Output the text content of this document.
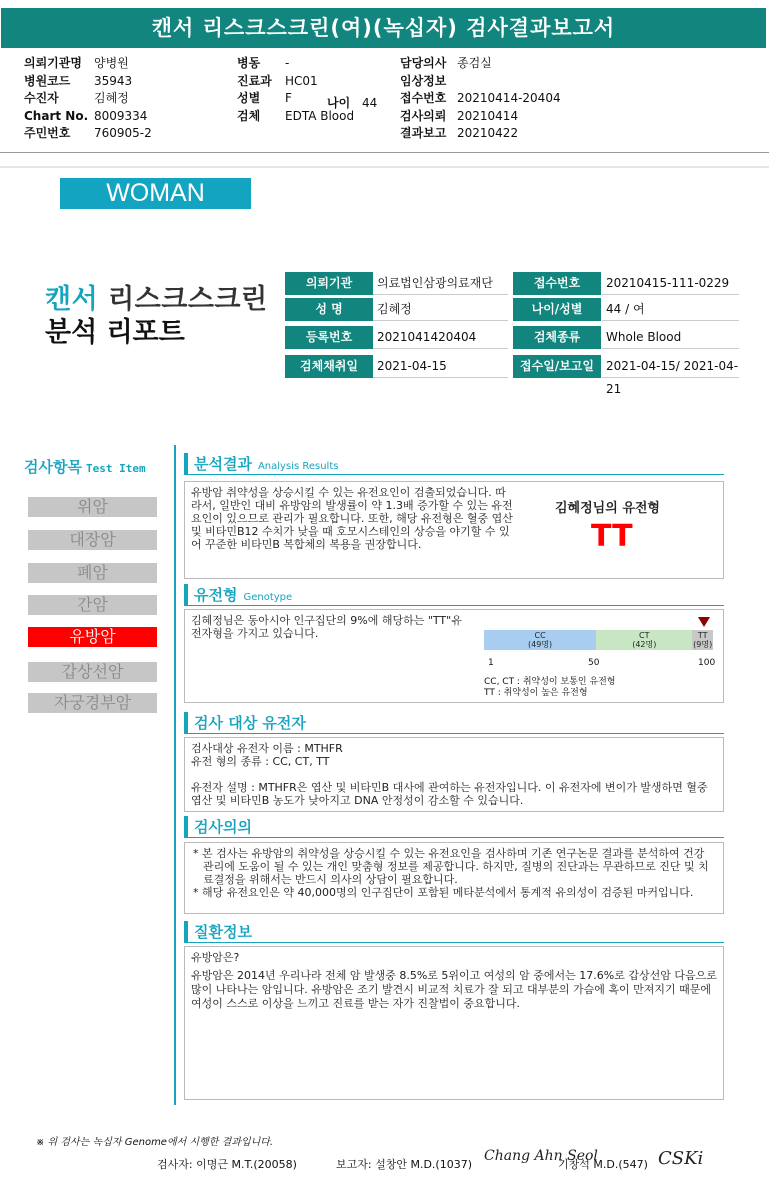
캔서 리스크스크린(여)(녹십자) 검사결과보고서
의뢰기관명 양병원
병원코드 35943
수진자	김혜정
Chart No. 8009334
주민번호 760905-2
병동 -
진료과 HC01
성별 F
검체 EDTA Blood
담당의사 종검실
임상정보
접수번호 20210414-20404
검사의뢰 20210414
결과보고 20210422
나이 44
WOMAN
캔서 리스크스크린
분석 리포트
의뢰기관	의료법인삼광의료재단	접수번호	20210415-111-0229
성 명	김혜정	나이/성별	44 / 여
등록번호	2021041420404	검체종류	Whole Blood
검체채취일	2021-04-15	접수일/보고일	2021-04-15/ 2021-04-21
검사항목 Test Item
위암
대장암
폐암
간암
유방암
갑상선암
자궁경부암
분석결과 Analysis Results
유방암 취약성을 상승시킬 수 있는 유전요인이 검출되었습니다. 따라서, 일반인 대비 유방암의 발생률이 약 1.3배 증가할 수 있는 유전요인이 있으므로 관리가 필요합니다. 또한, 해당 유전형은 혈중 엽산 및 비타민B12 수치가 낮을 때 호모시스테인의 상승을 야기할 수 있어 꾸준한 비타민B 복합체의 복용을 권장합니다.
김혜정님의 유전형
TT
유전형 Genotype
김혜정님은 동아시아 인구집단의 9%에 해당하는 "TT"유전자형을 가지고 있습니다.	CC
(49명)
CT
(42명)
TT
(9명)
1	50	100
CC, CT : 취약성이 보통인 유전형
TT : 취약성이 높은 유전형
검사 대상 유전자
검사대상 유전자 이름 : MTHFR
유전 형의 종류 : CC, CT, TT
유전자 설명 : MTHFR은 엽산 및 비타민B 대사에 관여하는 유전자입니다. 이 유전자에 변이가 발생하면 혈중 엽산 및 비타민B 농도가 낮아지고 DNA 안정성이 감소할 수 있습니다.
검사의의
* 본 검사는 유방암의 취약성을 상승시킬 수 있는 유전요인을 검사하며 기존 연구논문 결과를 분석하여 건강 관리에 도움이 될 수 있는 개인 맞춤형 정보를 제공합니다. 하지만, 질병의 진단과는 무관하므로 진단 및 치료결정을 위해서는 반드시 의사의 상담이 필요합니다.
* 해당 유전요인은 약 40,000명의 인구집단이 포함된 메타분석에서 통계적 유의성이 검증된 마커입니다.
질환정보
유방암은?
유방암은 2014년 우리나라 전체 암 발생중 8.5%로 5위이고 여성의 암 중에서는 17.6%로 갑상선암 다음으로 많이 나타나는 암입니다. 유방암은 조기 발견시 비교적 치료가 잘 되고 대부분의 가슴에 혹이 만져지기 때문에 여성이 스스로 이상을 느끼고 진료를 받는 자가 진찰법이 중요합니다.
※ 위 검사는 녹십자 Genome에서 시행한 결과입니다.
검사자: 이명근 M.T.(20058)	보고자: 설창안 M.D.(1037)
Chang Ahn Seol
기창석 M.D.(547) CSKi
